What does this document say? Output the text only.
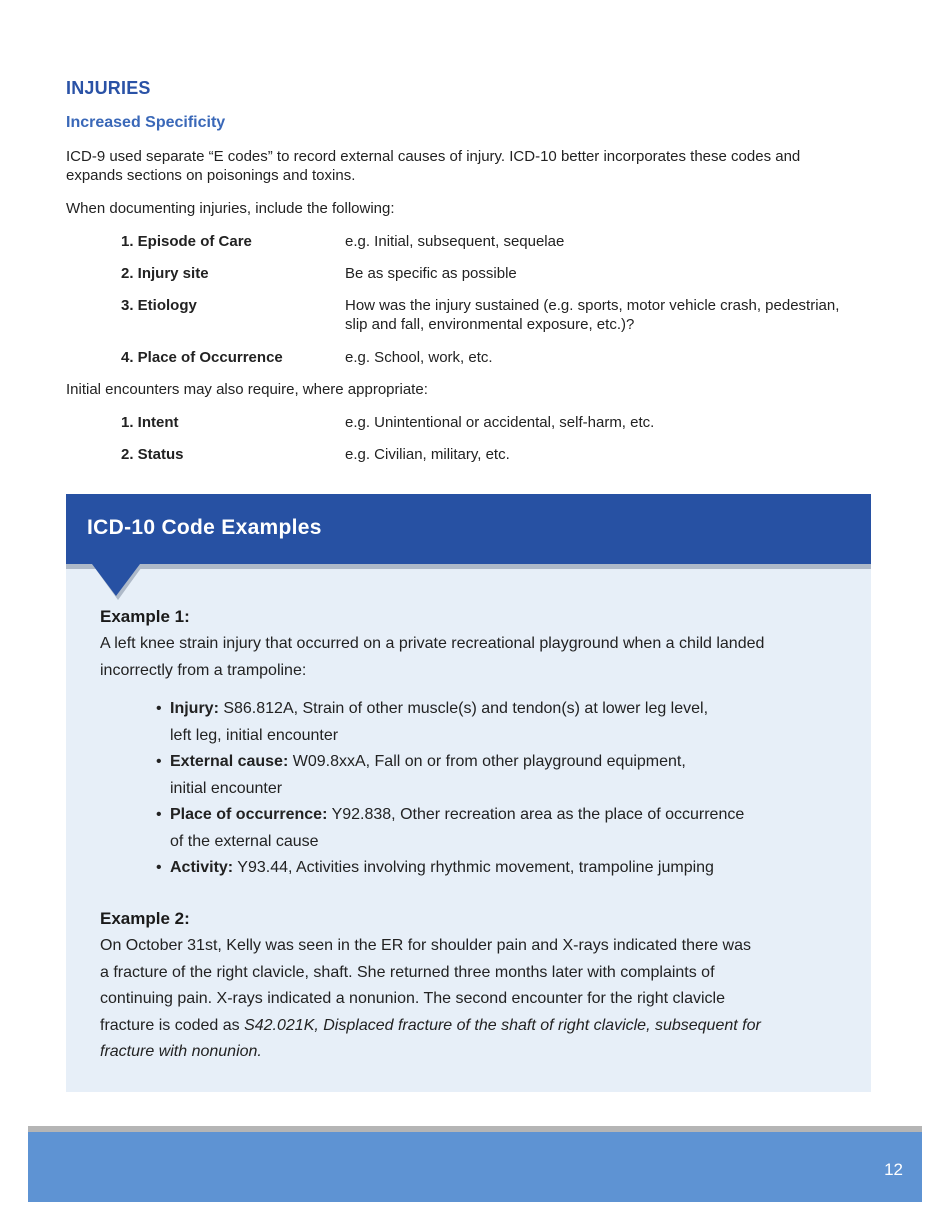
INJURIES
Increased Specificity

ICD-9 used separate “E codes” to record external causes of injury. ICD-10 better incorporates these codes and
expands sections on poisonings and toxins.

When documenting injuries, include the following:

1. Episode of Care	e.g. Initial, subsequent, sequelae
2. Injury site	Be as specific as possible
3. Etiology	How was the injury sustained (e.g. sports, motor vehicle crash, pedestrian,
slip and fall, environmental exposure, etc.)?
4. Place of Occurrence	e.g. School, work, etc.

Initial encounters may also require, where appropriate:

1. Intent	e.g. Unintentional or accidental, self-harm, etc.
2. Status	e.g. Civilian, military, etc.
ICD-10 Code Examples
Example 1:

A left knee strain injury that occurred on a private recreational playground when a child landed
incorrectly from a trampoline:

• Injury: S86.812A, Strain of other muscle(s) and tendon(s) at lower leg level,
left leg, initial encounter
• External cause: W09.8xxA, Fall on or from other playground equipment,
initial encounter
• Place of occurrence: Y92.838, Other recreation area as the place of occurrence
of the external cause
• Activity: Y93.44, Activities involving rhythmic movement, trampoline jumping
Example 2:

On October 31st, Kelly was seen in the ER for shoulder pain and X-rays indicated there was
a fracture of the right clavicle, shaft. She returned three months later with complaints of
continuing pain. X-rays indicated a nonunion. The second encounter for the right clavicle
fracture is coded as S42.021K, Displaced fracture of the shaft of right clavicle, subsequent for
fracture with nonunion.

12
